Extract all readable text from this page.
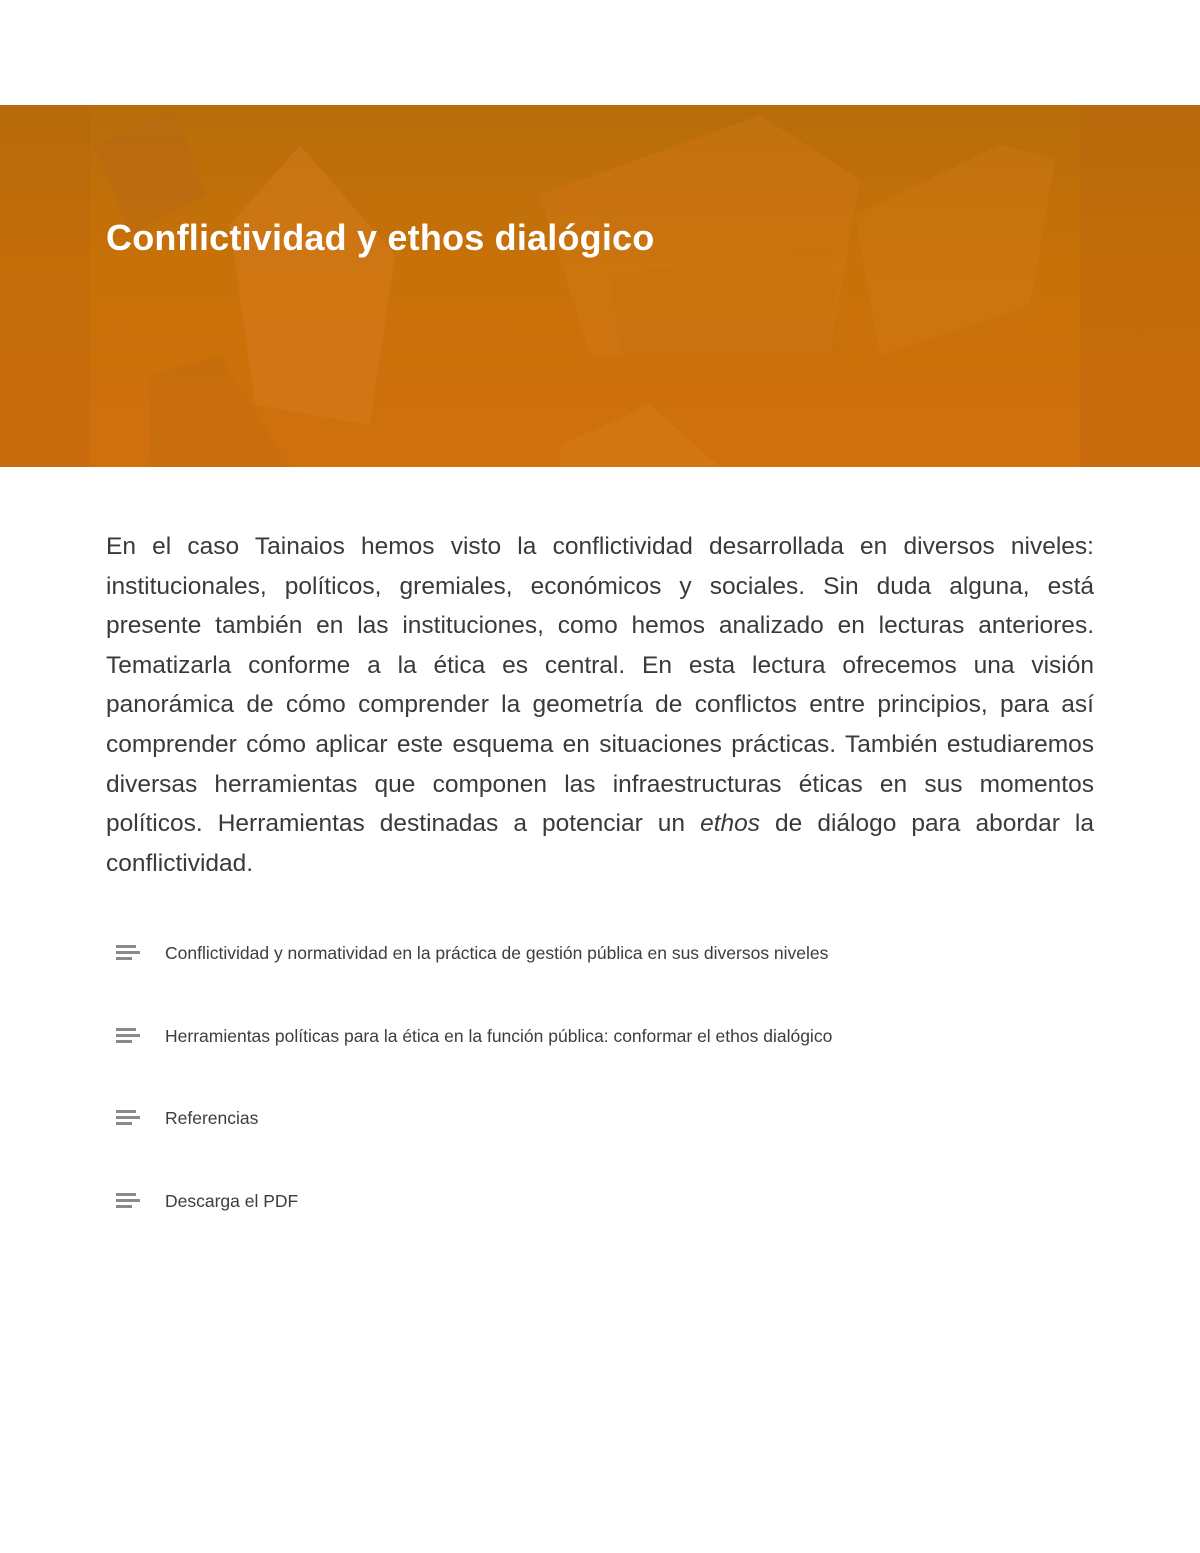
Conflictividad y ethos dialógico

En el caso Tainaios hemos visto la conflictividad desarrollada en diversos niveles: institucionales, políticos, gremiales, económicos y sociales. Sin duda alguna, está presente también en las instituciones, como hemos analizado en lecturas anteriores. Tematizarla conforme a la ética es central. En esta lectura ofrecemos una visión panorámica de cómo comprender la geometría de conflictos entre principios, para así comprender cómo aplicar este esquema en situaciones prácticas. También estudiaremos diversas herramientas que componen las infraestructuras éticas en sus momentos políticos. Herramientas destinadas a potenciar un ethos de diálogo para abordar la conflictividad.

Conflictividad y normatividad en la práctica de gestión pública en sus diversos niveles
Herramientas políticas para la ética en la función pública: conformar el ethos dialógico
Referencias
Descarga el PDF
